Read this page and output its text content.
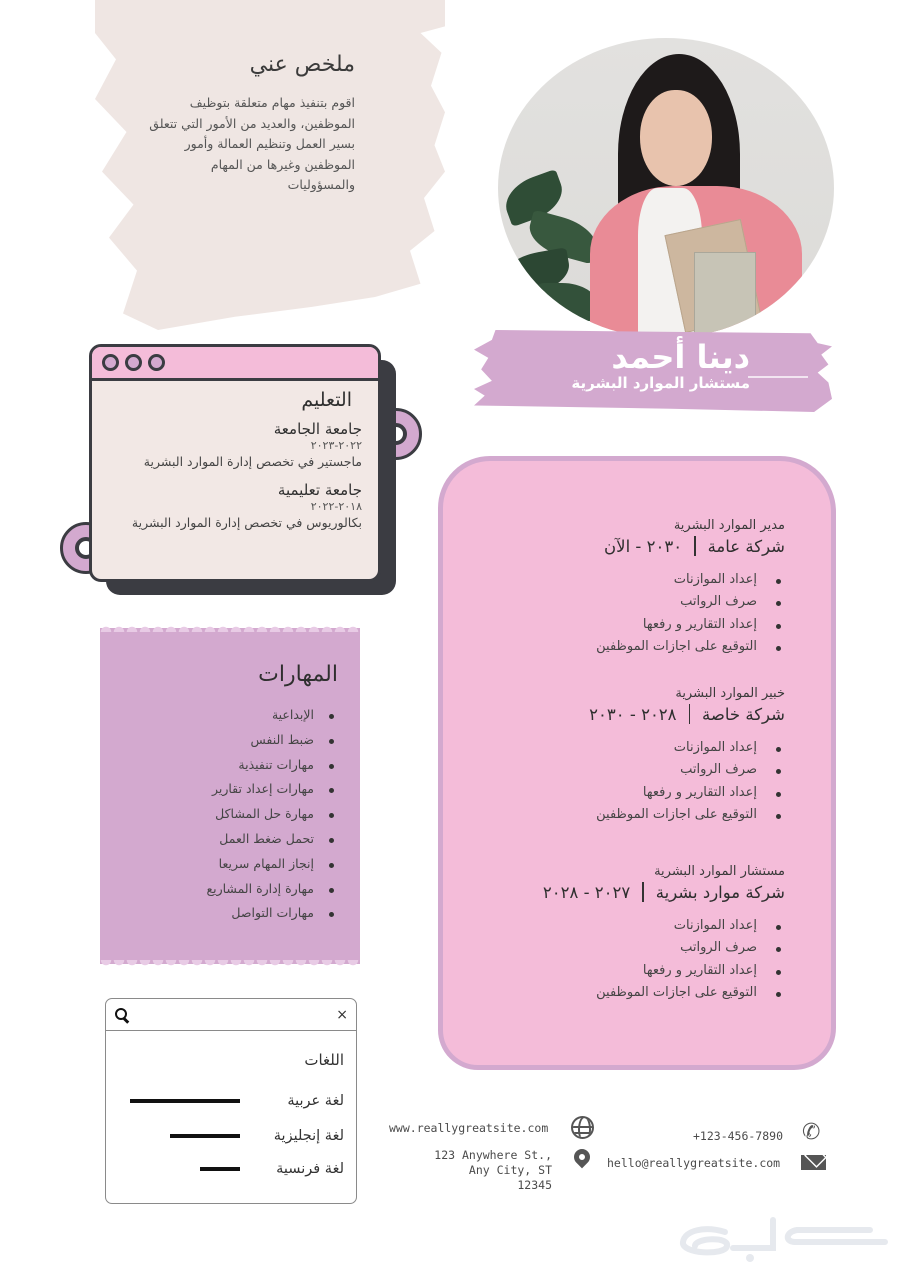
ملخص عني

اقوم بتنفيذ مهام متعلقة بتوظيف الموظفين، والعديد من الأمور التي تتعلق بسير العمل وتنظيم العمالة وأمور الموظفين وغيرها من المهام والمسؤوليات

دينا أحمد
مستشار الموارد البشرية
التعليم
جامعة الجامعة
٢٠٢٢-٢٠٢٣
ماجستير في تخصص إدارة الموارد البشرية
جامعة تعليمية
٢٠١٨-٢٠٢٢
بكالوريوس في تخصص إدارة الموارد البشرية
المهارات
الإبداعية
ضبط النفس
مهارات تنفيذية
مهارات إعداد تقارير
مهارة حل المشاكل
تحمل ضغط العمل
إنجاز المهام سريعا
مهارة إدارة المشاريع
مهارات التواصل
مدير الموارد البشرية
شركة عامة٢٠٣٠ - الآن
إعداد الموازنات
صرف الرواتب
إعداد التقارير و رفعها
التوقيع على اجازات الموظفين
خبير الموارد البشرية
شركة خاصة٢٠٢٨ - ٢٠٣٠
إعداد الموازنات
صرف الرواتب
إعداد التقارير و رفعها
التوقيع على اجازات الموظفين
مستشار الموارد البشرية
شركة موارد بشرية٢٠٢٧ - ٢٠٢٨
إعداد الموازنات
صرف الرواتب
إعداد التقارير و رفعها
التوقيع على اجازات الموظفين
×
اللغات
لغة عربية
لغة إنجليزية
لغة فرنسية
www.reallygreatsite.com
123 Anywhere St.,
Any City, ST 12345
+123-456-7890 ✆
hello@reallygreatsite.com
